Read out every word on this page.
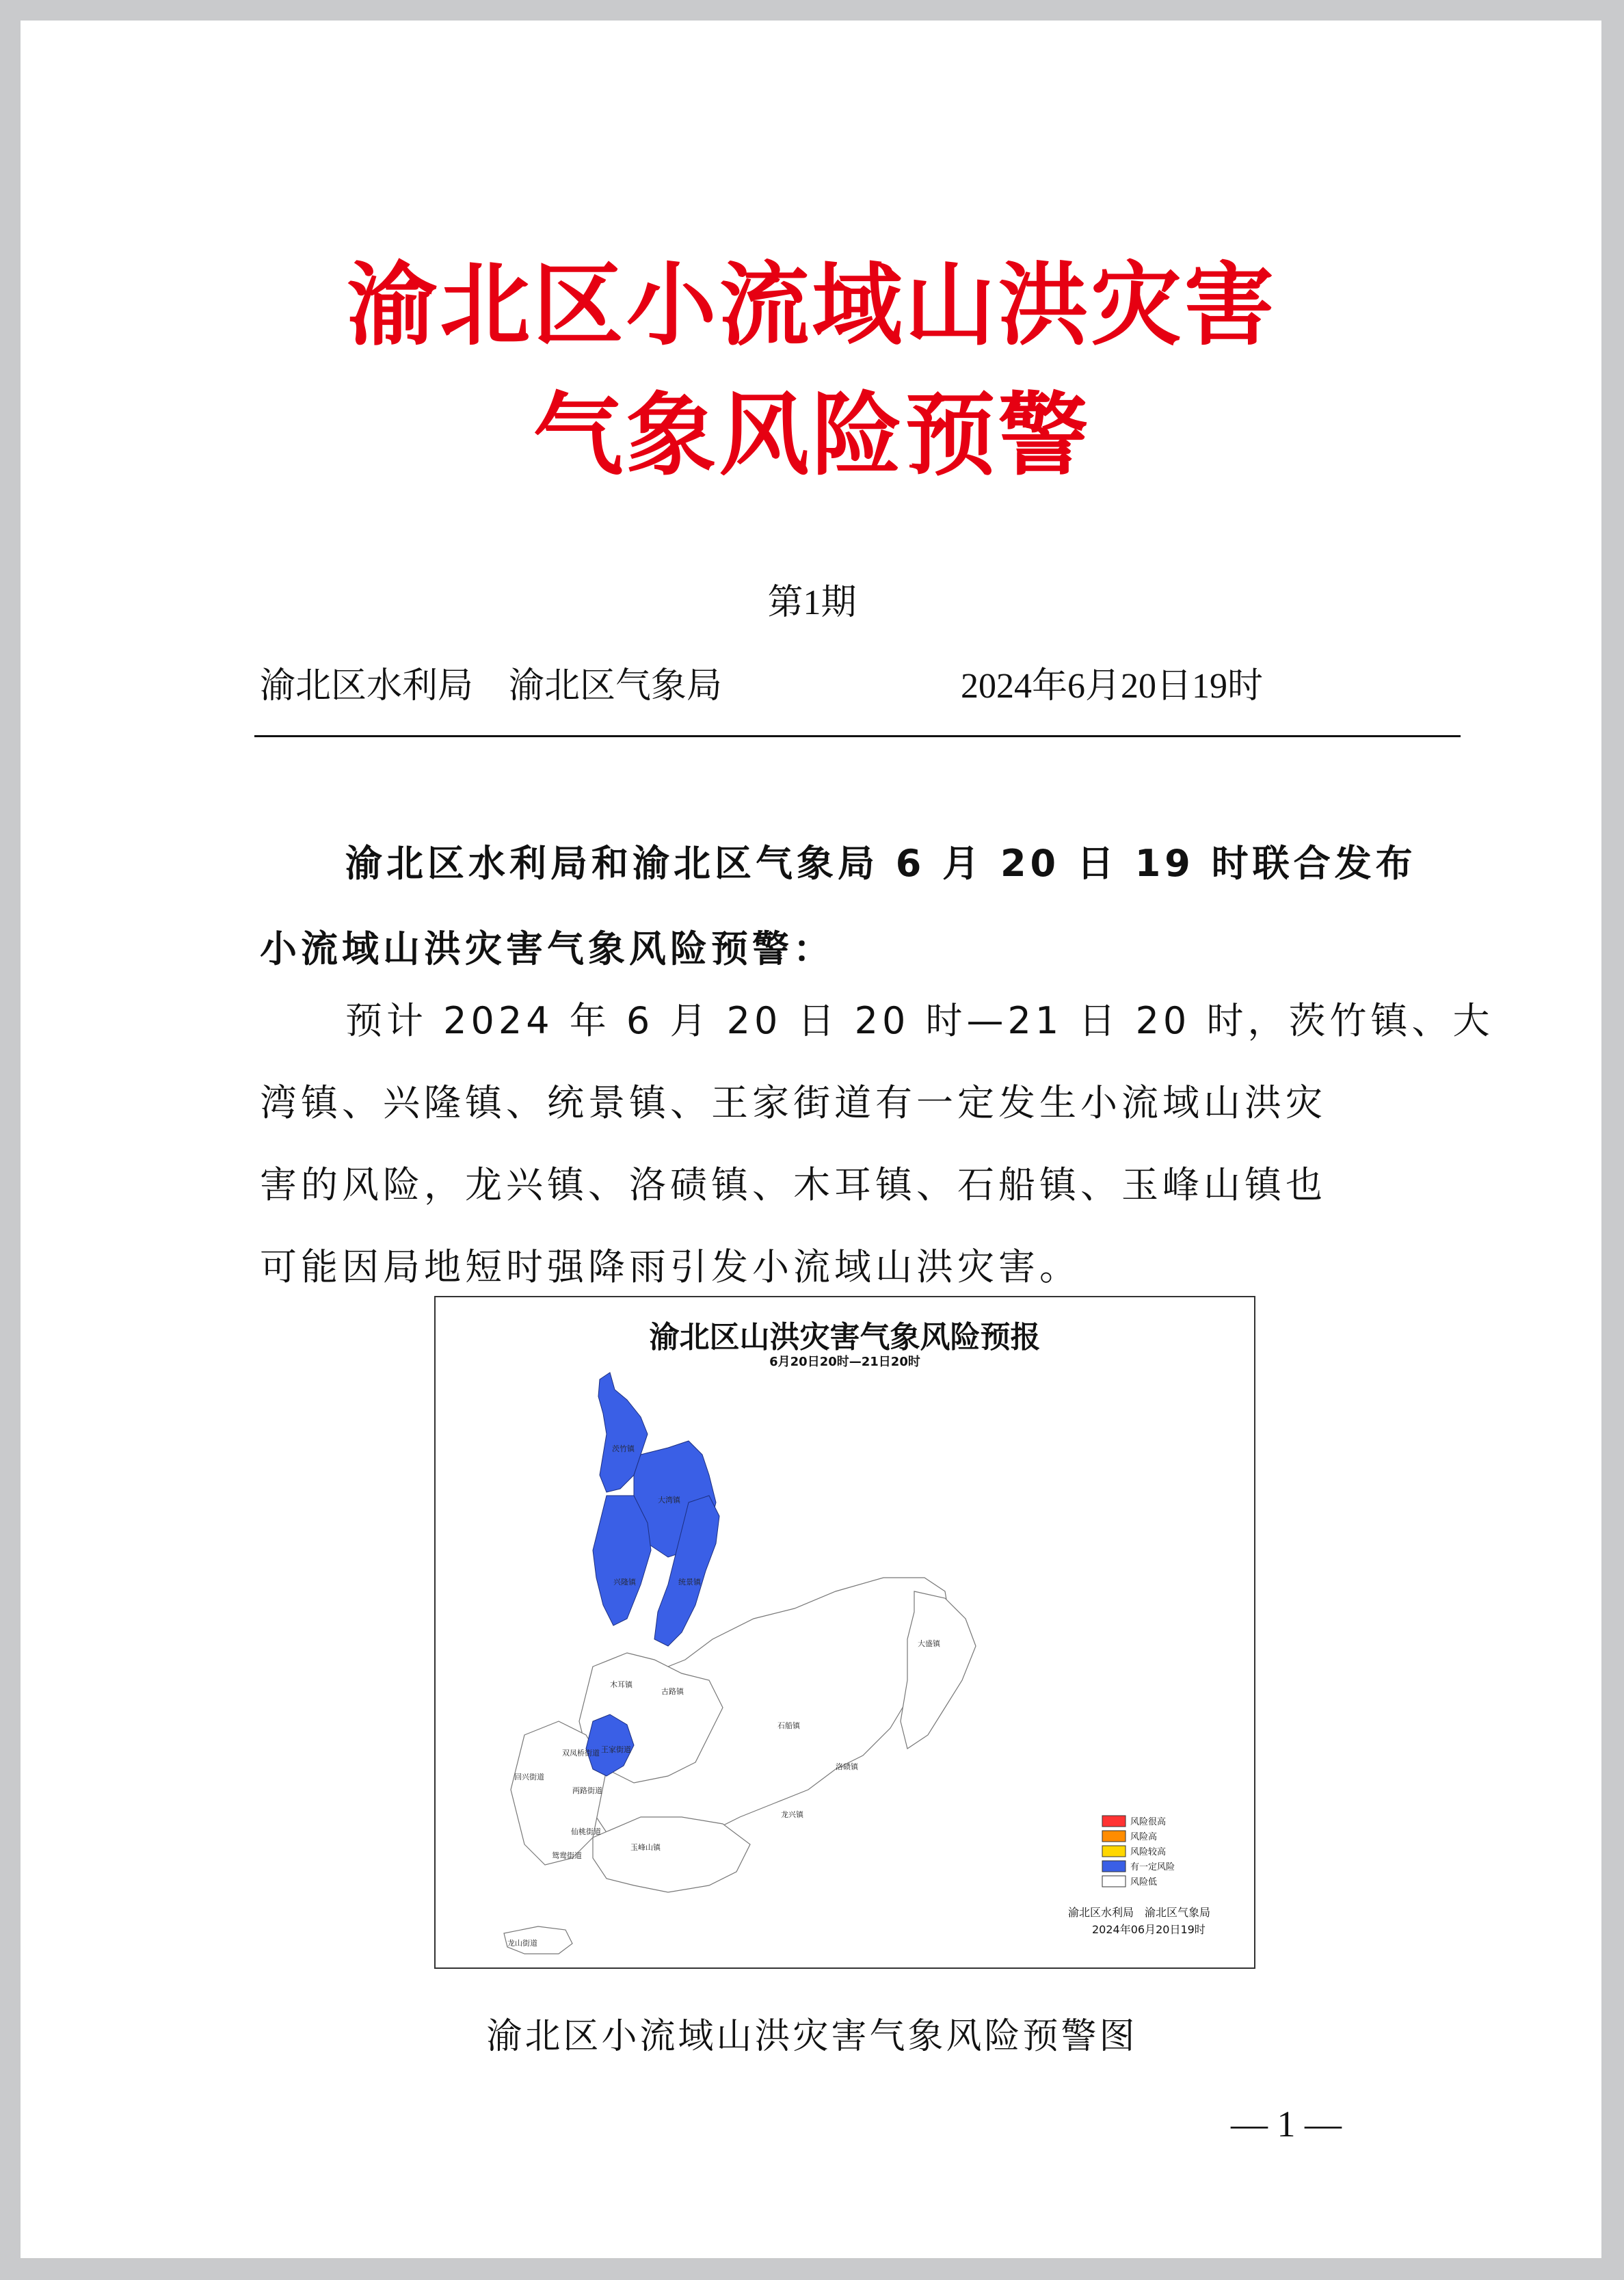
渝北区小流域山洪灾害
气象风险预警
第1期
渝北区水利局　渝北区气象局	2024年6月20日19时
渝北区水利局和渝北区气象局 6 月 20 日 19 时联合发布
小流域山洪灾害气象风险预警：
预计 2024 年 6 月 20 日 20 时—21 日 20 时，茨竹镇、大
湾镇、兴隆镇、统景镇、王家街道有一定发生小流域山洪灾
害的风险，龙兴镇、洛碛镇、木耳镇、石船镇、玉峰山镇也
可能因局地短时强降雨引发小流域山洪灾害。
渝北区山洪灾害气象风险预报
6月20日20时—21日20时
茨竹镇
大湾镇
兴隆镇	统景镇
大盛镇
木耳镇
古路镇
石船镇
洛碛镇
王家街道
龙兴镇
玉峰山镇
两路街道
双凤桥街道
仙桃街道
鸳鸯街道
回兴街道
龙山街道
风险很高
风险高
风险较高
有一定风险
风险低
渝北区水利局　渝北区气象局
2024年06月20日19时
渝北区小流域山洪灾害气象风险预警图
— 1 —
